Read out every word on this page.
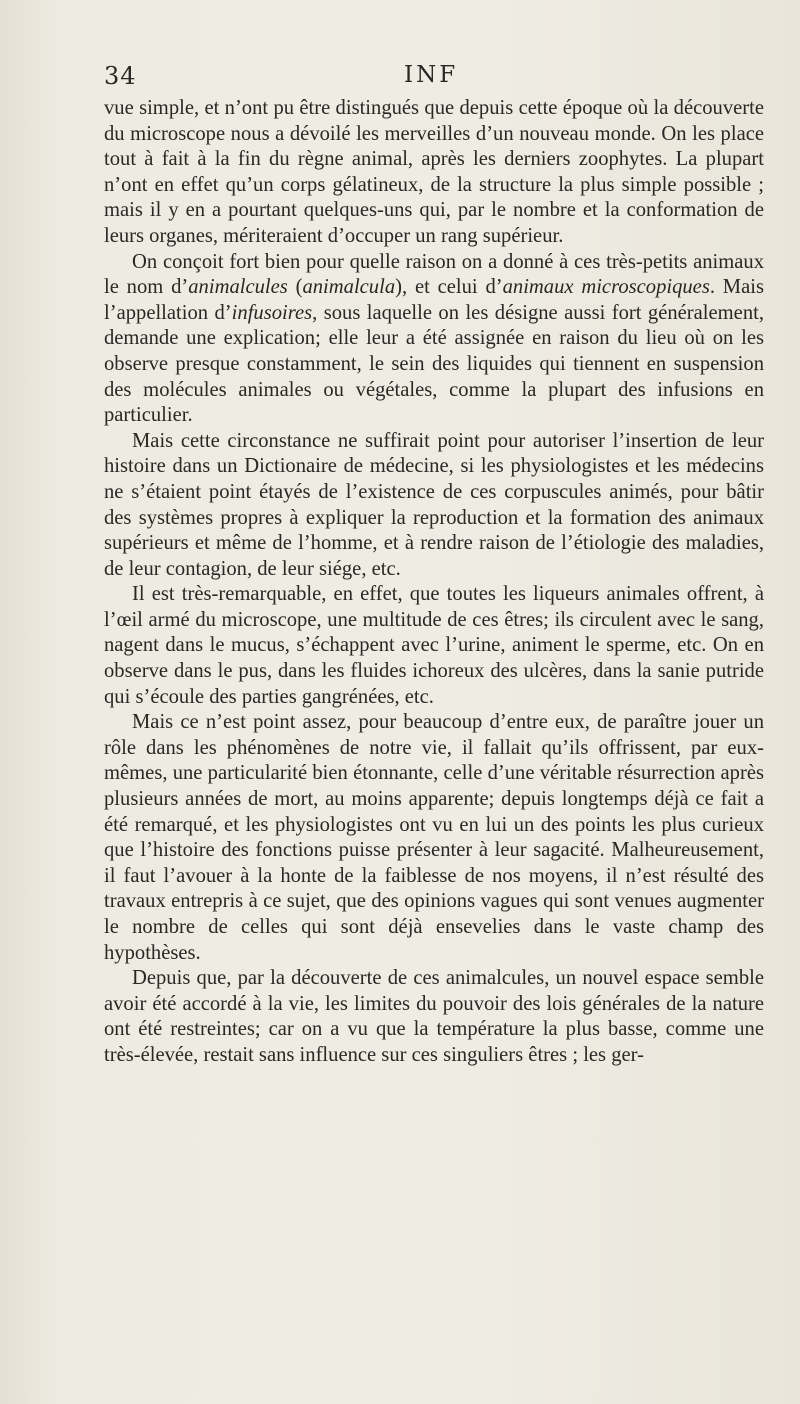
34	INF

vue simple, et n’ont pu être distingués que depuis cette époque où la découverte du microscope nous a dévoilé les merveilles d’un nouveau monde. On les place tout à fait à la fin du règne animal, après les derniers zoophytes. La plupart n’ont en effet qu’un corps gélatineux, de la structure la plus simple possible ; mais il y en a pourtant quelques-uns qui, par le nombre et la conformation de leurs organes, mériteraient d’occuper un rang supérieur.

On conçoit fort bien pour quelle raison on a donné à ces très-petits animaux le nom d’animalcules (animalcula), et celui d’animaux microscopiques. Mais l’appellation d’infusoires, sous laquelle on les désigne aussi fort généralement, demande une explication; elle leur a été assignée en raison du lieu où on les observe presque constamment, le sein des liquides qui tiennent en suspension des molécules animales ou végétales, comme la plupart des infusions en particulier.

Mais cette circonstance ne suffirait point pour autoriser l’insertion de leur histoire dans un Dictionaire de médecine, si les physiologistes et les médecins ne s’étaient point étayés de l’existence de ces corpuscules animés, pour bâtir des systèmes propres à expliquer la reproduction et la formation des animaux supérieurs et même de l’homme, et à rendre raison de l’étiologie des maladies, de leur contagion, de leur siége, etc.

Il est très-remarquable, en effet, que toutes les liqueurs animales offrent, à l’œil armé du microscope, une multitude de ces êtres; ils circulent avec le sang, nagent dans le mucus, s’échappent avec l’urine, animent le sperme, etc. On en observe dans le pus, dans les fluides ichoreux des ulcères, dans la sanie putride qui s’écoule des parties gangrénées, etc.

Mais ce n’est point assez, pour beaucoup d’entre eux, de paraître jouer un rôle dans les phénomènes de notre vie, il fallait qu’ils offrissent, par eux-mêmes, une particularité bien étonnante, celle d’une véritable résurrection après plusieurs années de mort, au moins apparente; depuis longtemps déjà ce fait a été remarqué, et les physiologistes ont vu en lui un des points les plus curieux que l’histoire des fonctions puisse présenter à leur sagacité. Malheureusement, il faut l’avouer à la honte de la faiblesse de nos moyens, il n’est résulté des travaux entrepris à ce sujet, que des opinions vagues qui sont venues augmenter le nombre de celles qui sont déjà ensevelies dans le vaste champ des hypothèses.

Depuis que, par la découverte de ces animalcules, un nouvel espace semble avoir été accordé à la vie, les limites du pouvoir des lois générales de la nature ont été restreintes; car on a vu que la température la plus basse, comme une très-élevée, restait sans influence sur ces singuliers êtres ; les ger-
